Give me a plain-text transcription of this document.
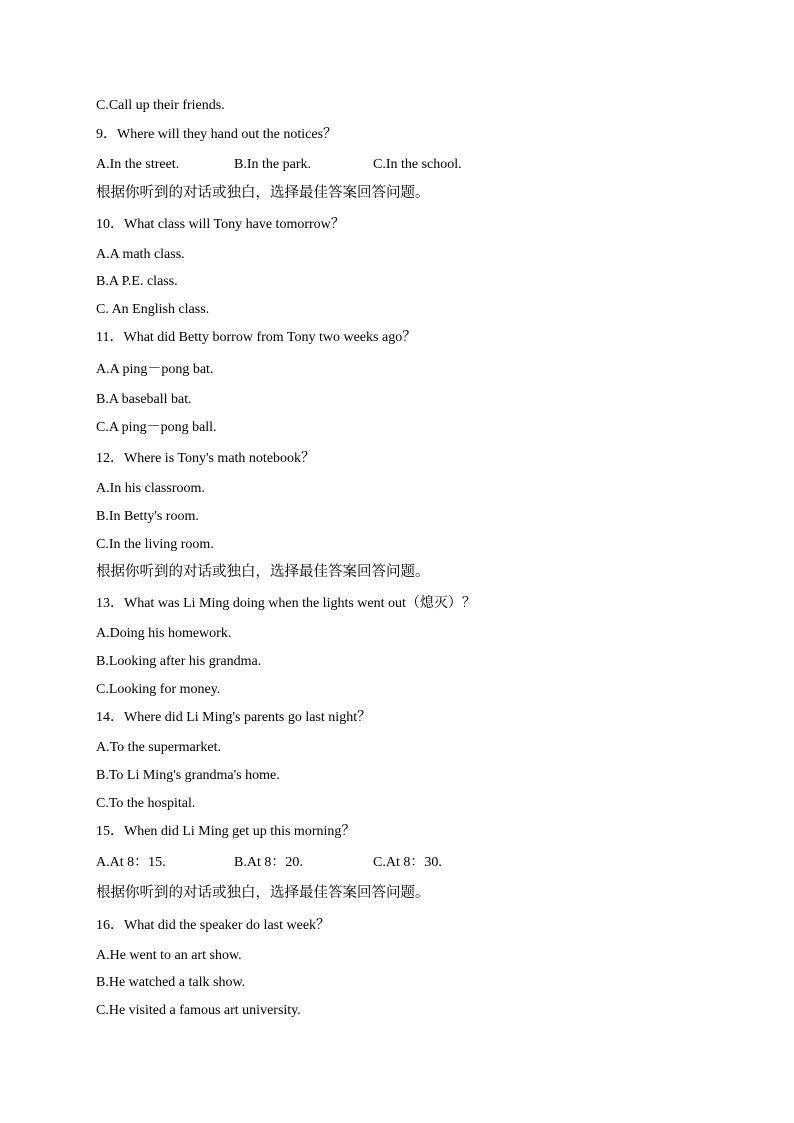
C.Call up their friends.
9．Where will they hand out the notices？

A.In the street.

	B.In the park.

	C.In the school.

根据你听到的对话或独白，选择最佳答案回答问题。
10．What class will Tony have tomorrow？
A.A math class.
B.A P.E. class.
C. An English class.
11．What did Betty borrow from Tony two weeks ago？
A.A ping－pong bat.
B.A baseball bat.
C.A ping－pong ball.
12．Where is Tony's math notebook？
A.In his classroom.
B.In Betty's room.
C.In the living room.
根据你听到的对话或独白，选择最佳答案回答问题。
13．What was Li Ming doing when the lights went out（熄灭）？
A.Doing his homework.
B.Looking after his grandma.
C.Looking for money.
14．Where did Li Ming's parents go last night？
A.To the supermarket.
B.To Li Ming's grandma's home.
C.To the hospital.
15．When did Li Ming get up this morning？

A.At 8：15.

	B.At 8：20.

	C.At 8：30.

根据你听到的对话或独白，选择最佳答案回答问题。
16．What did the speaker do last week？
A.He went to an art show.
B.He watched a talk show.
C.He visited a famous art university.
